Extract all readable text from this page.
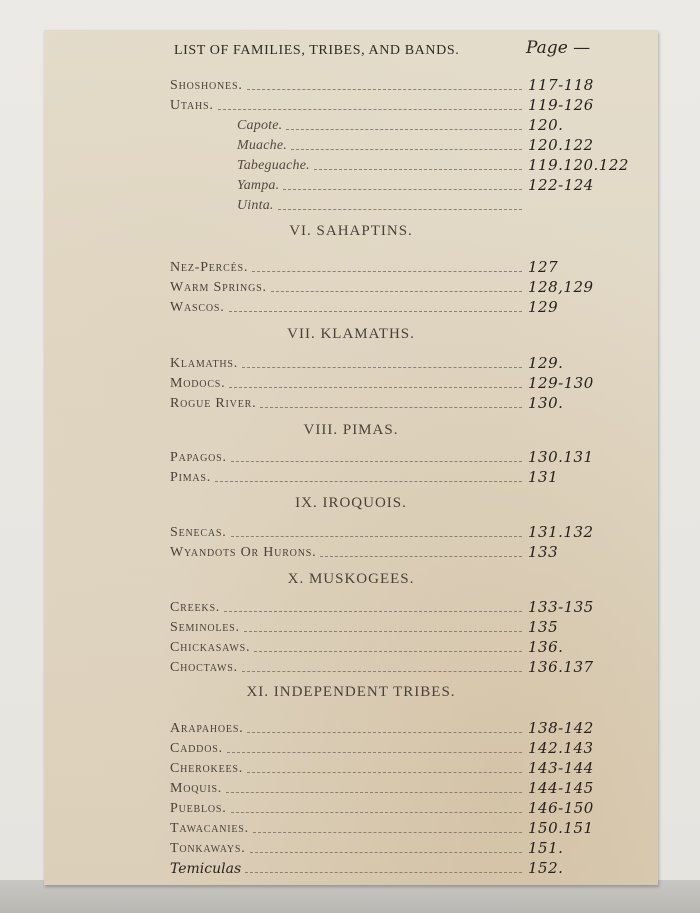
LIST OF FAMILIES, TRIBES, AND BANDS.	Page —
Shoshones.	117-118
Utahs.	119-126
Capote.	120.
Muache.	120.122
Tabeguache.	119.120.122
Yampa.	122-124
Uinta.
VI. SAHAPTINS.
Nez-Percés.	127
Warm Springs.	128,129
Wascos.	129
VII. KLAMATHS.
Klamaths.	129.
Modocs.	129-130
Rogue River.	130.
VIII. PIMAS.
Papagos.	130.131
Pimas.	131
IX. IROQUOIS.
Senecas.	131.132
Wyandots Or Hurons.	133
X. MUSKOGEES.
Creeks.	133-135
Seminoles.	135
Chickasaws.	136.
Choctaws.	136.137
XI. INDEPENDENT TRIBES.
Arapahoes.	138-142
Caddos.	142.143
Cherokees.	143-144
Moquis.	144-145
Pueblos.	146-150
Tawacanies.	150.151
Tonkaways.	151.
Temiculas	152.
